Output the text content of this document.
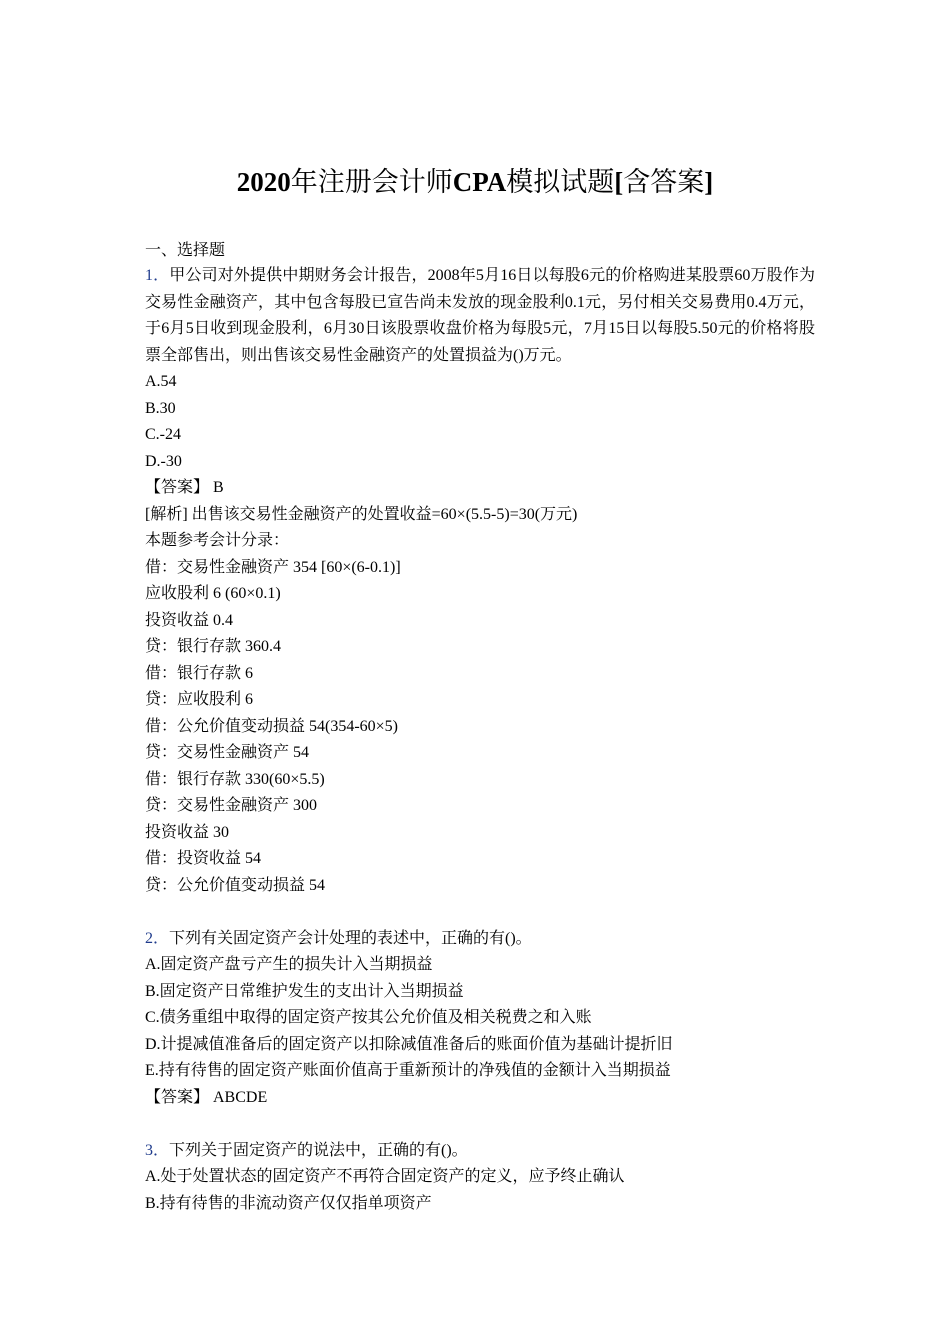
2020年注册会计师CPA模拟试题[含答案]
一、选择题
1．甲公司对外提供中期财务会计报告，2008年5月16日以每股6元的价格购进某股票60万股作为交易性金融资产，其中包含每股已宣告尚未发放的现金股利0.1元，另付相关交易费用0.4万元，于6月5日收到现金股利，6月30日该股票收盘价格为每股5元，7月15日以每股5.50元的价格将股票全部售出，则出售该交易性金融资产的处置损益为()万元。
A.54
B.30
C.-24
D.-30
【答案】 B
[解析] 出售该交易性金融资产的处置收益=60×(5.5-5)=30(万元)
本题参考会计分录：
借：交易性金融资产 354 [60×(6-0.1)]
应收股利 6 (60×0.1)
投资收益 0.4
贷：银行存款 360.4
借：银行存款 6
贷：应收股利 6
借：公允价值变动损益 54(354-60×5)
贷：交易性金融资产 54
借：银行存款 330(60×5.5)
贷：交易性金融资产 300
投资收益 30
借：投资收益 54
贷：公允价值变动损益 54
2．下列有关固定资产会计处理的表述中，正确的有()。
A.固定资产盘亏产生的损失计入当期损益
B.固定资产日常维护发生的支出计入当期损益
C.债务重组中取得的固定资产按其公允价值及相关税费之和入账
D.计提减值准备后的固定资产以扣除减值准备后的账面价值为基础计提折旧
E.持有待售的固定资产账面价值高于重新预计的净残值的金额计入当期损益
【答案】 ABCDE
3．下列关于固定资产的说法中，正确的有()。
A.处于处置状态的固定资产不再符合固定资产的定义，应予终止确认
B.持有待售的非流动资产仅仅指单项资产
